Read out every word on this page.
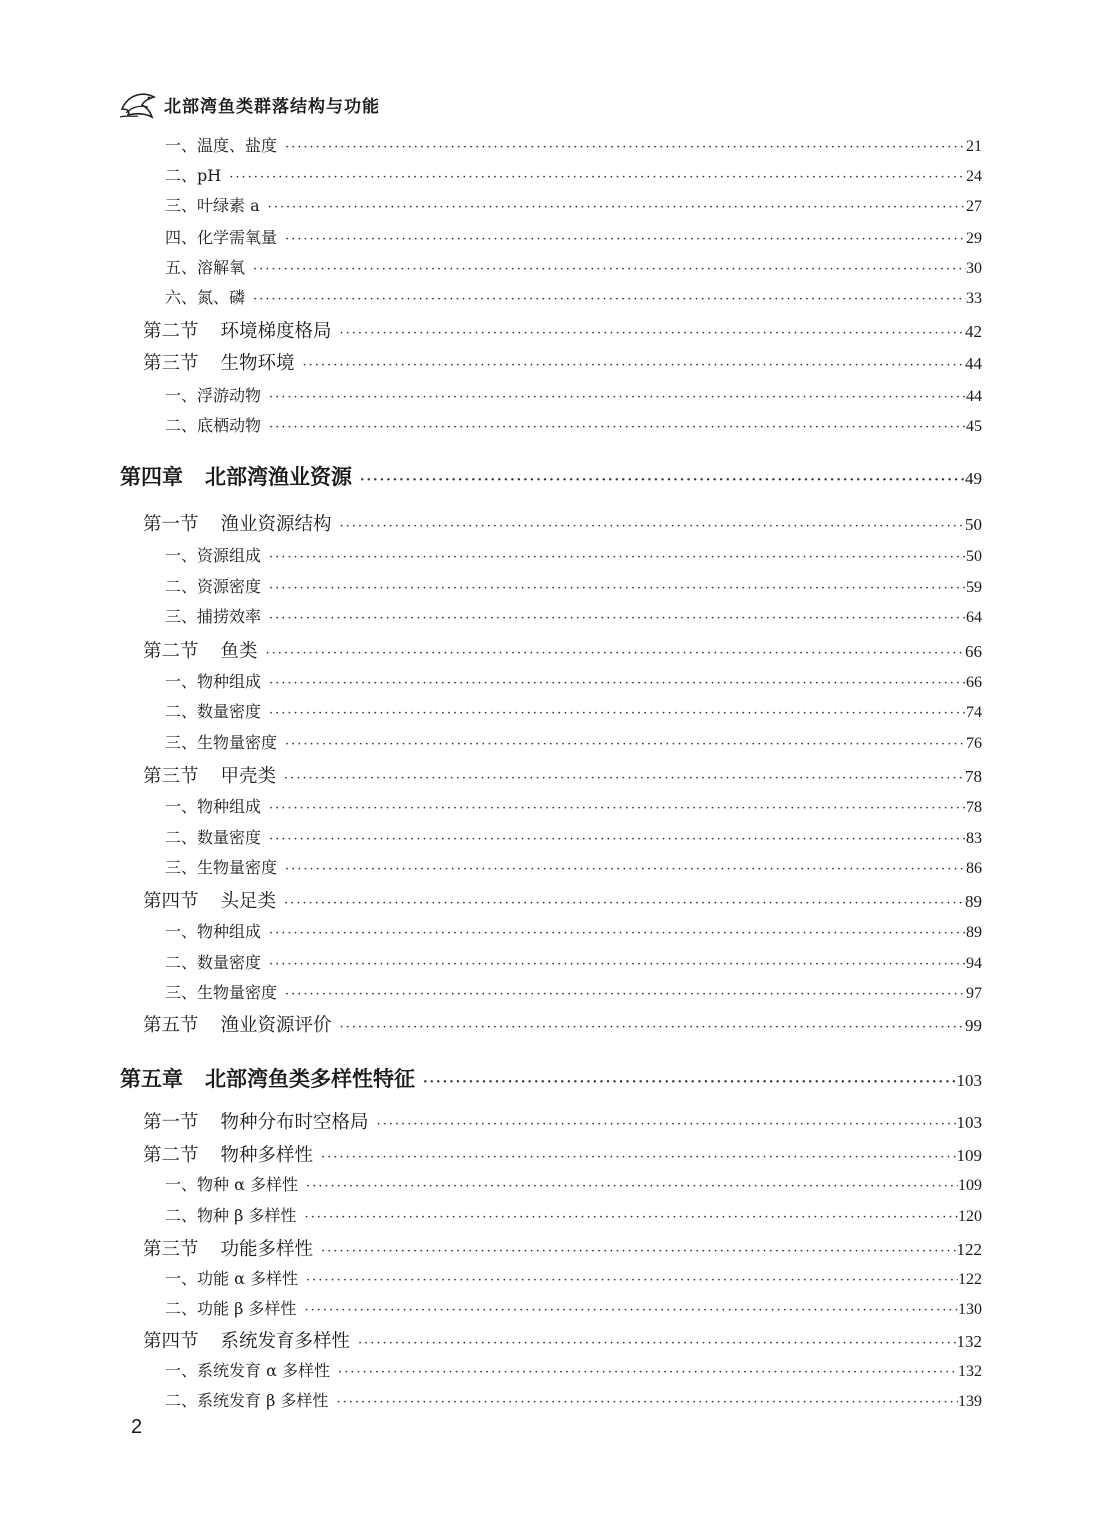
北部湾鱼类群落结构与功能
一、温度、盐度 ·····	21
二、pH ·····	24
三、叶绿素 a ·····	27
四、化学需氧量 ·····	29
五、溶解氧 ·····	30
六、氮、磷 ·····	33
第二节 环境梯度格局 ·····	42
第三节 生物环境 ·····	44
一、浮游动物 ·····	44
二、底栖动物 ·····	45
第四章 北部湾渔业资源 ·····	49
第一节 渔业资源结构 ·····	50
一、资源组成 ·····	50
二、资源密度 ·····	59
三、捕捞效率 ·····	64
第二节 鱼类 ·····	66
一、物种组成 ·····	66
二、数量密度 ·····	74
三、生物量密度 ·····	76
第三节 甲壳类 ·····	78
一、物种组成 ·····	78
二、数量密度 ·····	83
三、生物量密度 ·····	86
第四节 头足类 ·····	89
一、物种组成 ·····	89
二、数量密度 ·····	94
三、生物量密度 ·····	97
第五节 渔业资源评价 ·····	99
第五章 北部湾鱼类多样性特征 ·····	103
第一节 物种分布时空格局 ·····	103
第二节 物种多样性 ·····	109
一、物种 α 多样性 ·····	109
二、物种 β 多样性 ·····	120
第三节 功能多样性 ·····	122
一、功能 α 多样性 ·····	122
二、功能 β 多样性 ·····	130
第四节 系统发育多样性 ·····	132
一、系统发育 α 多样性 ·····	132
二、系统发育 β 多样性 ·····	139
2
